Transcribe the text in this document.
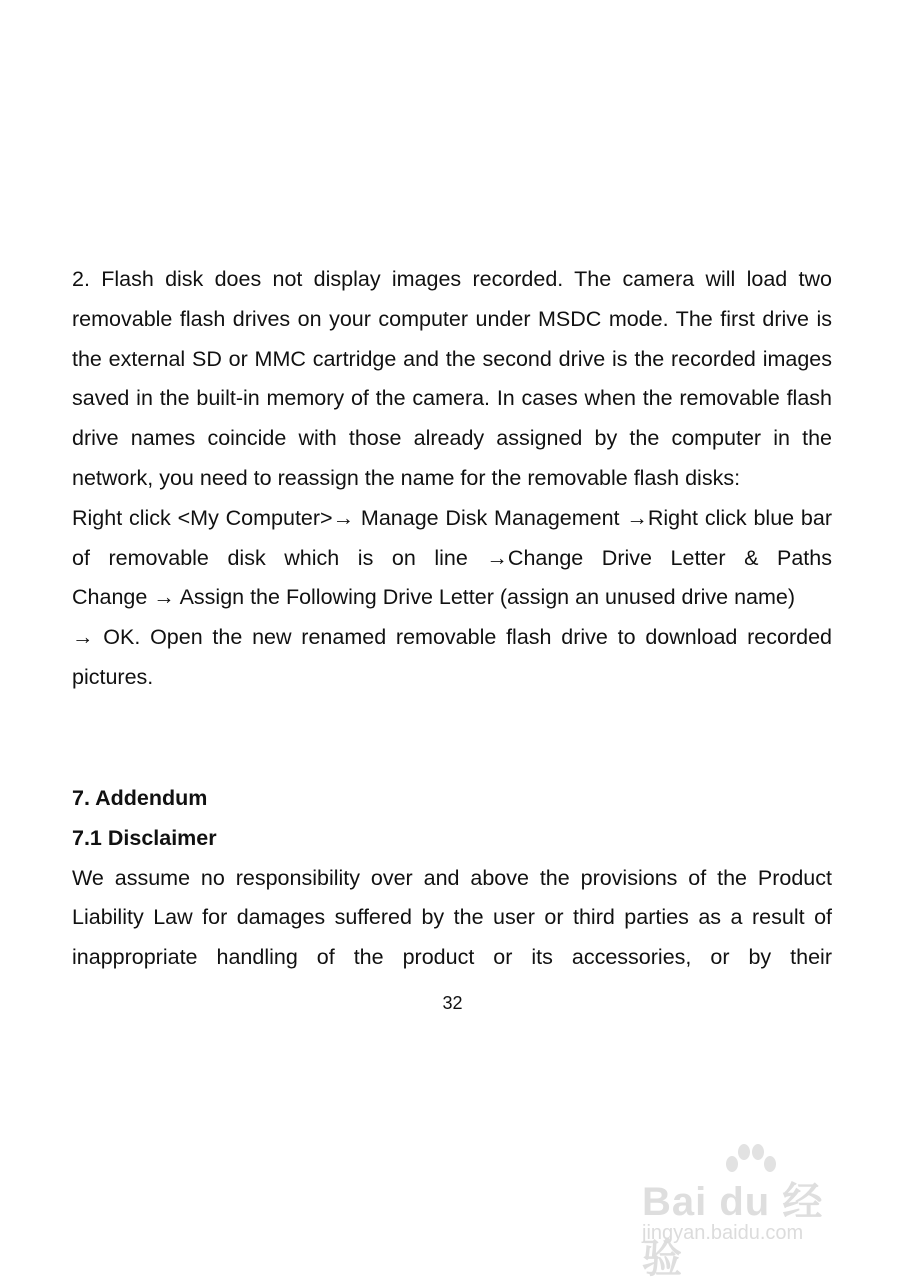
2. Flash disk does not display images recorded. The camera will load two removable flash drives on your computer under MSDC mode. The first drive is the external SD or MMC cartridge and the second drive is the recorded images saved in the built-in memory of the camera. In cases when the removable flash drive names coincide with those already assigned by the computer in the network, you need to reassign the name for the removable flash disks:

Right click <My Computer>→ Manage Disk Management →Right click blue bar of removable disk which is on line →Change Drive Letter & Paths

Change → Assign the Following Drive Letter (assign an unused drive name)

→ OK. Open the new renamed removable flash drive to download recorded pictures.

7. Addendum

7.1 Disclaimer

We assume no responsibility over and above the provisions of the Product Liability Law for damages suffered by the user or third parties as a result of inappropriate handling of the product or its accessories, or by their

32
Bai du 经验
jingyan.baidu.com
